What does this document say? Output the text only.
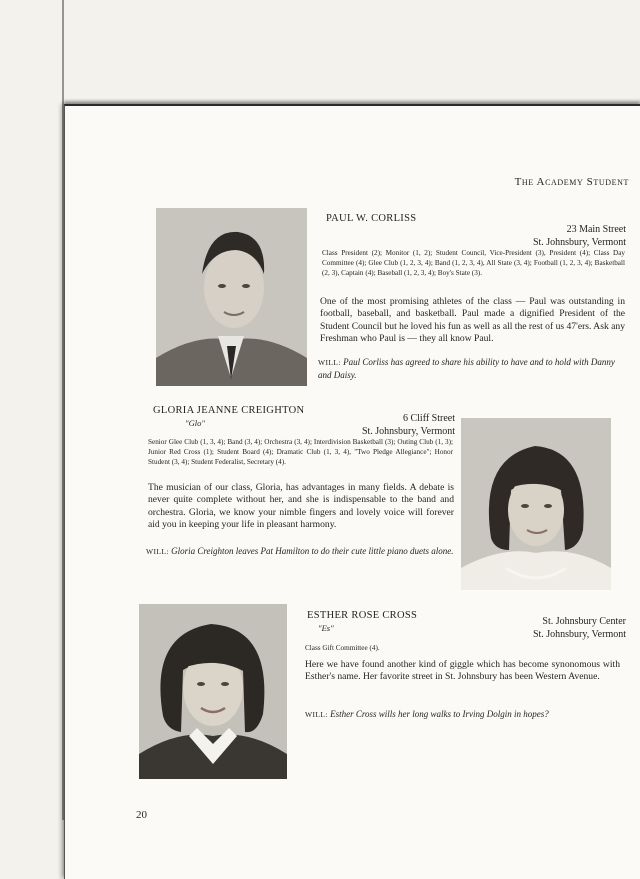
The Academy Student
PAUL W. CORLISS
23 Main Street
St. Johnsbury, Vermont
Class President (2); Monitor (1, 2); Student Council, Vice-President (3), President (4); Class Day Committee (4); Glee Club (1, 2, 3, 4); Band (1, 2, 3, 4), All State (3, 4); Football (1, 2, 3, 4); Basketball (2, 3), Captain (4); Baseball (1, 2, 3, 4); Boy's State (3).
One of the most promising athletes of the class — Paul was outstanding in football, baseball, and basketball. Paul made a dignified President of the Student Council but he loved his fun as well as all the rest of us 47'ers. Ask any Freshman who Paul is — they all know Paul.
WILL: Paul Corliss has agreed to share his ability to have and to hold with Danny and Daisy.
GLORIA JEANNE CREIGHTON
"Glo"	6 Cliff Street
St. Johnsbury, Vermont
Senior Glee Club (1, 3, 4); Band (3, 4); Orchestra (3, 4); Interdivision Basketball (3); Outing Club (1, 3); Junior Red Cross (1); Student Board (4); Dramatic Club (1, 3, 4), "Two Pledge Allegiance"; Honor Student (3, 4); Student Federalist, Secretary (4).
The musician of our class, Gloria, has advantages in many fields. A debate is never quite complete without her, and she is indispensable to the band and orchestra. Gloria, we know your nimble fingers and lovely voice will forever aid you in keeping your life in pleasant harmony.
WILL: Gloria Creighton leaves Pat Hamilton to do their cute little piano duets alone.
ESTHER ROSE CROSS
"Es"
St. Johnsbury Center
St. Johnsbury, Vermont
Class Gift Committee (4).
Here we have found another kind of giggle which has become synonomous with Esther's name. Her favorite street in St. Johnsbury has been Western Avenue.
WILL: Esther Cross wills her long walks to Irving Dolgin in hopes?
20
